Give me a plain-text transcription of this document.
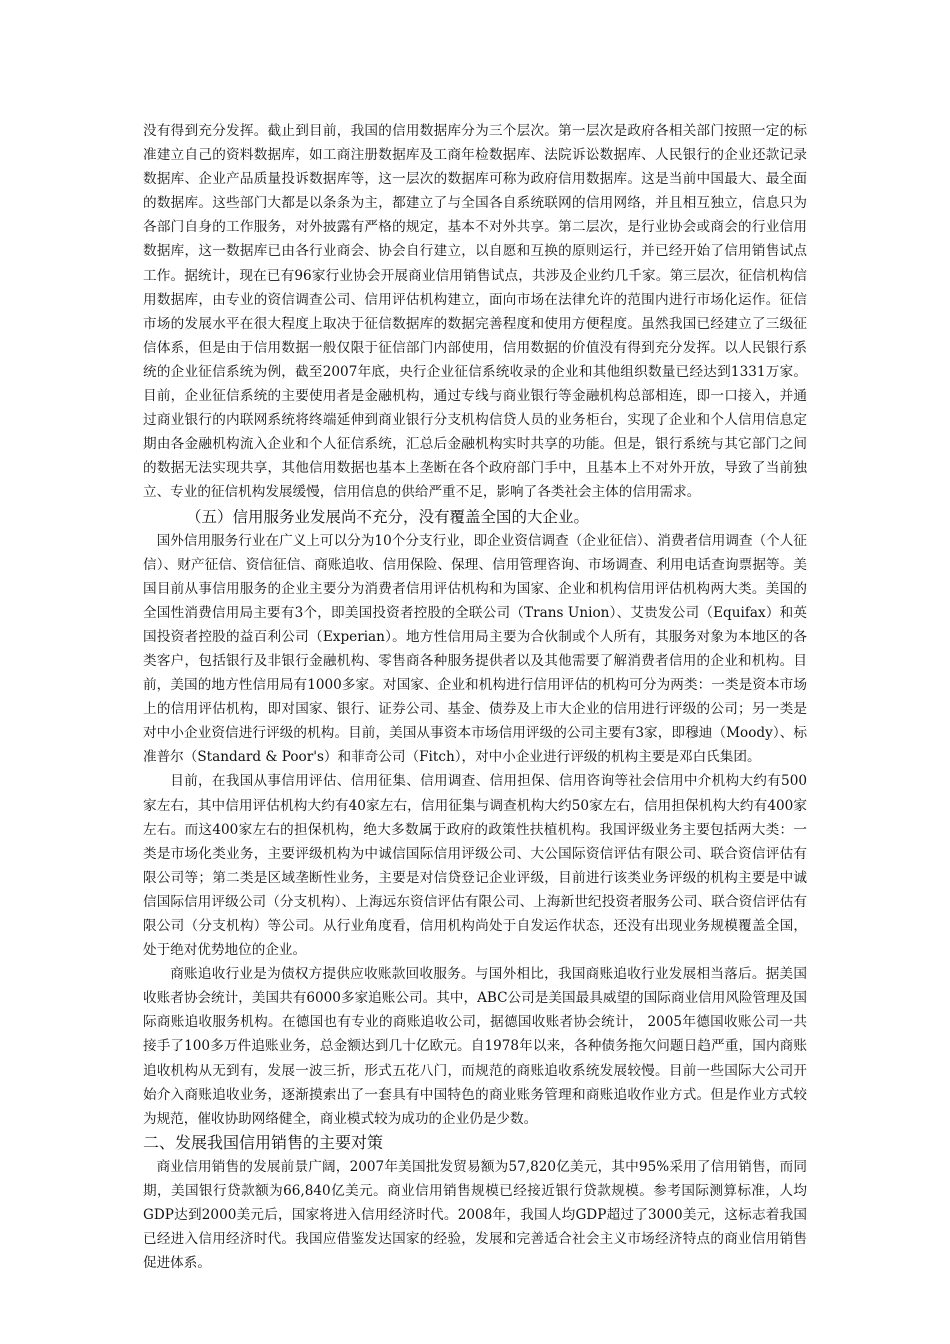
没有得到充分发挥。截止到目前，我国的信用数据库分为三个层次。第一层次是政府各相关部门按照一定的标准建立自己的资料数据库，如工商注册数据库及工商年检数据库、法院诉讼数据库、人民银行的企业还款记录数据库、企业产品质量投诉数据库等，这一层次的数据库可称为政府信用数据库。这是当前中国最大、最全面的数据库。这些部门大都是以条条为主，都建立了与全国各自系统联网的信用网络，并且相互独立，信息只为各部门自身的工作服务，对外披露有严格的规定，基本不对外共享。第二层次，是行业协会或商会的行业信用数据库，这一数据库已由各行业商会、协会自行建立，以自愿和互换的原则运行，并已经开始了信用销售试点工作。据统计，现在已有96家行业协会开展商业信用销售试点，共涉及企业约几千家。第三层次，征信机构信用数据库，由专业的资信调查公司、信用评估机构建立，面向市场在法律允许的范围内进行市场化运作。征信市场的发展水平在很大程度上取决于征信数据库的数据完善程度和使用方便程度。虽然我国已经建立了三级征信体系，但是由于信用数据一般仅限于征信部门内部使用，信用数据的价值没有得到充分发挥。以人民银行系统的企业征信系统为例，截至2007年底，央行企业征信系统收录的企业和其他组织数量已经达到1331万家。目前，企业征信系统的主要使用者是金融机构，通过专线与商业银行等金融机构总部相连，即一口接入，并通过商业银行的内联网系统将终端延伸到商业银行分支机构信贷人员的业务柜台，实现了企业和个人信用信息定期由各金融机构流入企业和个人征信系统，汇总后金融机构实时共享的功能。但是，银行系统与其它部门之间的数据无法实现共享，其他信用数据也基本上垄断在各个政府部门手中，且基本上不对外开放，导致了当前独立、专业的征信机构发展缓慢，信用信息的供给严重不足，影响了各类社会主体的信用需求。

（五）信用服务业发展尚不充分，没有覆盖全国的大企业。

国外信用服务行业在广义上可以分为10个分支行业，即企业资信调查（企业征信）、消费者信用调查（个人征信）、财产征信、资信征信、商账追收、信用保险、保理、信用管理咨询、市场调查、利用电话查询票据等。美国目前从事信用服务的企业主要分为消费者信用评估机构和为国家、企业和机构信用评估机构两大类。美国的全国性消费信用局主要有3个，即美国投资者控股的全联公司（Trans Union）、艾贵发公司（Equifax）和英国投资者控股的益百利公司（Experian）。地方性信用局主要为合伙制或个人所有，其服务对象为本地区的各类客户，包括银行及非银行金融机构、零售商各种服务提供者以及其他需要了解消费者信用的企业和机构。目前，美国的地方性信用局有1000多家。对国家、企业和机构进行信用评估的机构可分为两类：一类是资本市场上的信用评估机构，即对国家、银行、证券公司、基金、债券及上市大企业的信用进行评级的公司；另一类是对中小企业资信进行评级的机构。目前，美国从事资本市场信用评级的公司主要有3家，即穆迪（Moody）、标准普尔（Standard & Poor's）和菲奇公司（Fitch），对中小企业进行评级的机构主要是邓白氏集团。

目前，在我国从事信用评估、信用征集、信用调查、信用担保、信用咨询等社会信用中介机构大约有500家左右，其中信用评估机构大约有40家左右，信用征集与调查机构大约50家左右，信用担保机构大约有400家左右。而这400家左右的担保机构，绝大多数属于政府的政策性扶植机构。我国评级业务主要包括两大类：一类是市场化类业务，主要评级机构为中诚信国际信用评级公司、大公国际资信评估有限公司、联合资信评估有限公司等；第二类是区域垄断性业务，主要是对信贷登记企业评级，目前进行该类业务评级的机构主要是中诚信国际信用评级公司（分支机构）、上海远东资信评估有限公司、上海新世纪投资者服务公司、联合资信评估有限公司（分支机构）等公司。从行业角度看，信用机构尚处于自发运作状态，还没有出现业务规模覆盖全国，处于绝对优势地位的企业。

商账追收行业是为债权方提供应收账款回收服务。与国外相比，我国商账追收行业发展相当落后。据美国收账者协会统计，美国共有6000多家追账公司。其中，ABC公司是美国最具威望的国际商业信用风险管理及国际商账追收服务机构。在德国也有专业的商账追收公司，据德国收账者协会统计， 2005年德国收账公司一共接手了100多万件追账业务，总金额达到几十亿欧元。自1978年以来，各种债务拖欠问题日趋严重，国内商账追收机构从无到有，发展一波三折，形式五花八门，而规范的商账追收系统发展较慢。目前一些国际大公司开始介入商账追收业务，逐渐摸索出了一套具有中国特色的商业账务管理和商账追收作业方式。但是作业方式较为规范，催收协助网络健全，商业模式较为成功的企业仍是少数。

二、发展我国信用销售的主要对策

商业信用销售的发展前景广阔，2007年美国批发贸易额为57,820亿美元，其中95%采用了信用销售，而同期，美国银行贷款额为66,840亿美元。商业信用销售规模已经接近银行贷款规模。参考国际测算标准，人均GDP达到2000美元后，国家将进入信用经济时代。2008年，我国人均GDP超过了3000美元，这标志着我国已经进入信用经济时代。我国应借鉴发达国家的经验，发展和完善适合社会主义市场经济特点的商业信用销售促进体系。
